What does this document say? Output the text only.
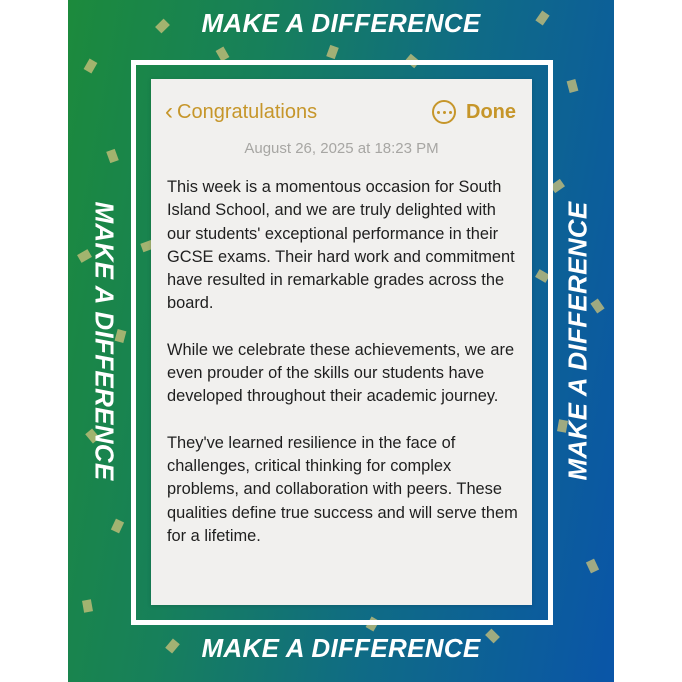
MAKE A DIFFERENCE
MAKE A DIFFERENCE
MAKE A DIFFERENCE	MAKE A DIFFERENCE
‹ Congratulations	Done
August 26, 2025 at 18:23 PM

This week is a momentous occasion for South Island School, and we are truly delighted with our students' exceptional performance in their GCSE exams. Their hard work and commitment have resulted in remarkable grades across the board.

While we celebrate these achievements, we are even prouder of the skills our students have developed throughout their academic journey.

They've learned resilience in the face of challenges, critical thinking for complex problems, and collaboration with peers. These qualities define true success and will serve them for a lifetime.
